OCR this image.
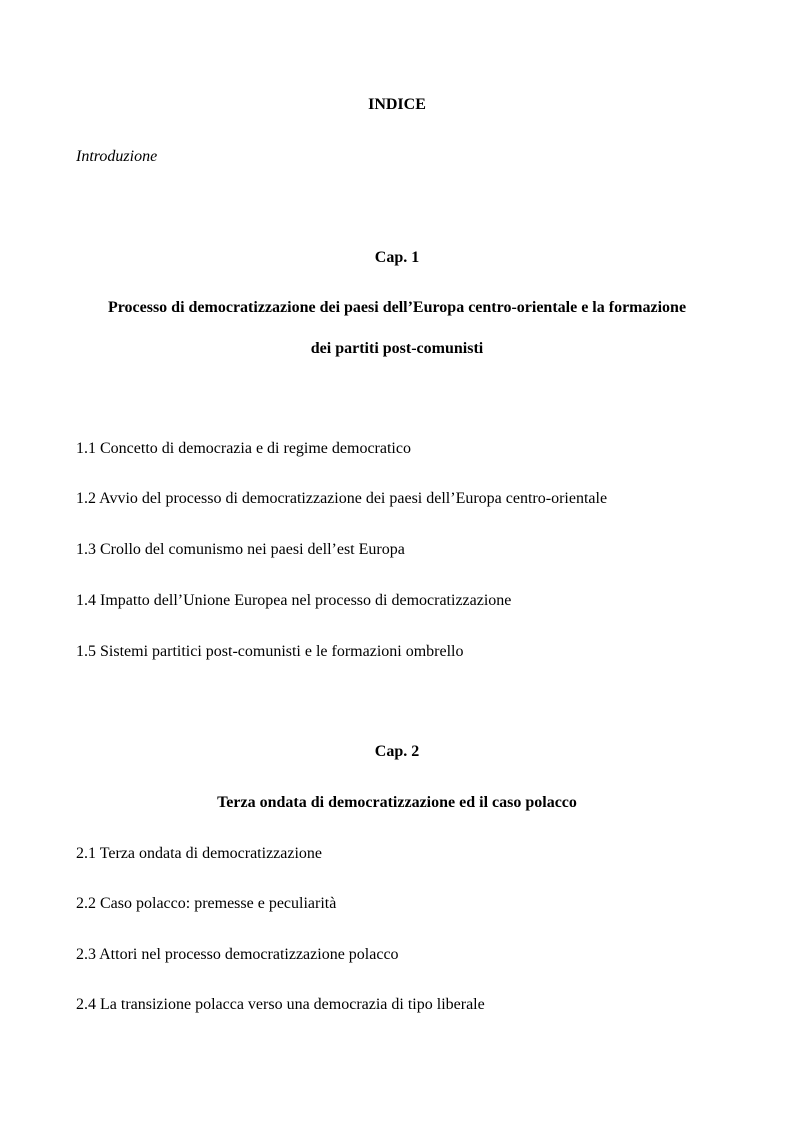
INDICE
Introduzione
Cap. 1
Processo di democratizzazione dei paesi dell’Europa centro-orientale e la formazione
dei partiti post-comunisti
1.1 Concetto di democrazia e di regime democratico
1.2 Avvio del processo di democratizzazione dei paesi dell’Europa centro-orientale
1.3 Crollo del comunismo nei paesi dell’est Europa
1.4 Impatto dell’Unione Europea nel processo di democratizzazione
1.5 Sistemi partitici post-comunisti e le formazioni ombrello
Cap. 2
Terza ondata di democratizzazione ed il caso polacco
2.1 Terza ondata di democratizzazione
2.2 Caso polacco: premesse e peculiarità
2.3 Attori nel processo democratizzazione polacco
2.4 La transizione polacca verso una democrazia di tipo liberale
